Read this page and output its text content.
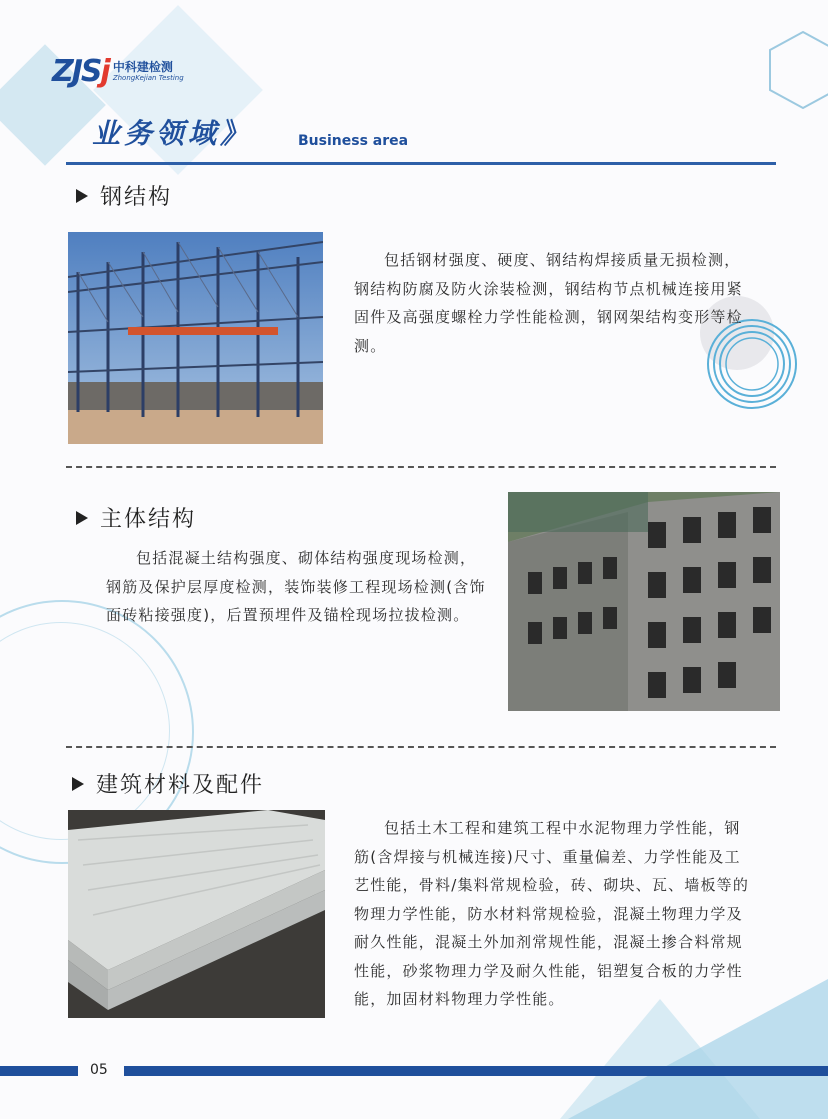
ZJSj 中科建检测
ZhongKejian Testing
业务领域》	Business area
钢结构
包括钢材强度、硬度、钢结构焊接质量无损检测，钢结构防腐及防火涂装检测，钢结构节点机械连接用紧固件及高强度螺栓力学性能检测，钢网架结构变形等检测。
主体结构
包括混凝土结构强度、砌体结构强度现场检测，钢筋及保护层厚度检测，装饰装修工程现场检测(含饰面砖粘接强度)，后置预埋件及锚栓现场拉拔检测。
建筑材料及配件
包括土木工程和建筑工程中水泥物理力学性能，钢筋(含焊接与机械连接)尺寸、重量偏差、力学性能及工艺性能，骨料/集料常规检验，砖、砌块、瓦、墙板等的物理力学性能，防水材料常规检验，混凝土物理力学及耐久性能，混凝土外加剂常规性能，混凝土掺合料常规性能，砂浆物理力学及耐久性能，铝塑复合板的力学性能，加固材料物理力学性能。
05
